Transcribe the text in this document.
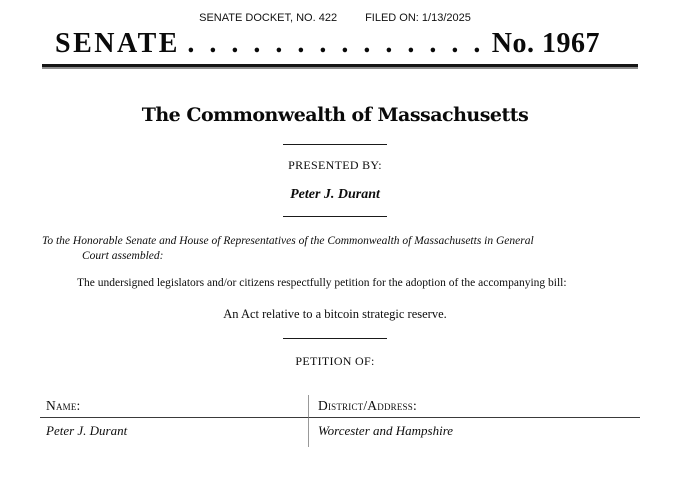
SENATE DOCKET, NO. 422	FILED ON: 1/13/2025
SENATE . . . . . . . . . . . . . . No. 1967
The Commonwealth of Massachusetts
PRESENTED BY:
Peter J. Durant
To the Honorable Senate and House of Representatives of the Commonwealth of Massachusetts in General
Court assembled:
The undersigned legislators and/or citizens respectfully petition for the adoption of the accompanying bill:
An Act relative to a bitcoin strategic reserve.
PETITION OF:
Name:	District/Address:
Peter J. Durant	Worcester and Hampshire
